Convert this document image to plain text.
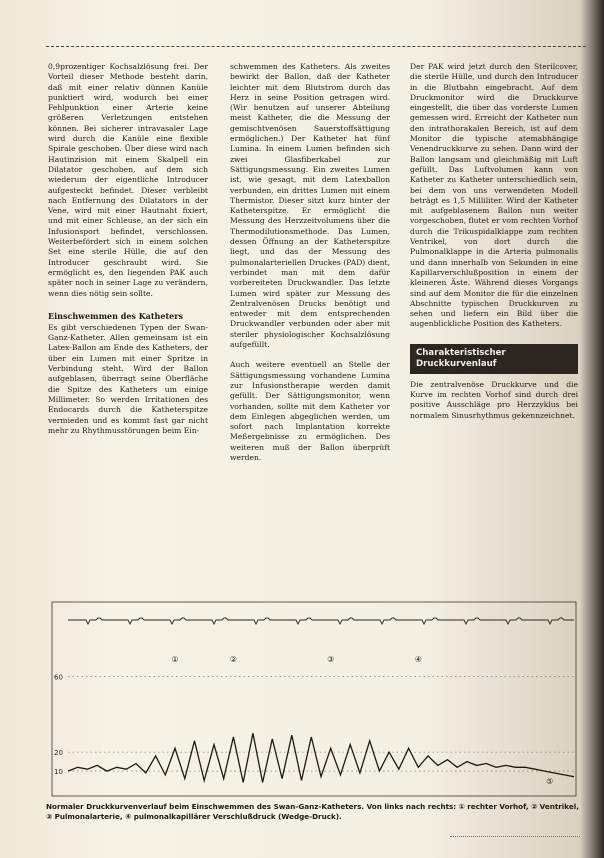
0,9prozentiger Kochsalzlösung frei. Der Vorteil dieser Methode besteht darin, daß mit einer relativ dünnen Kanüle punktiert wird, wodurch bei einer Fehlpunktion einer Arterie keine größeren Verletzungen entstehen können. Bei sicherer intravasaler Lage wird durch die Kanüle eine flexible Spirale geschoben. Über diese wird nach Hautinzision mit einem Skalpell ein Dilatator geschoben, auf dem sich wiederum der eigentliche Introducer aufgesteckt befindet. Dieser verbleibt nach Entfernung des Dilatators in der Vene, wird mit einer Hautnaht fixiert, und mit einer Schleuse, an der sich ein Infusionsport befindet, verschlossen. Weiterbefördert sich in einem solchen Set eine sterile Hülle, die auf den Introducer geschraubt wird. Sie ermöglicht es, den liegenden PAK auch später noch in seiner Lage zu verändern, wenn dies nötig sein sollte.

Einschwemmen des Katheters

Es gibt verschiedenen Typen der Swan-Ganz-Katheter. Allen gemeinsam ist ein Latex-Ballon am Ende des Katheters, der über ein Lumen mit einer Spritze in Verbindung steht. Wird der Ballon aufgeblasen, überragt seine Oberfläche die Spitze des Katheters um einige Millimeter. So werden Irritationen des Endocards durch die Katheterspitze vermieden und es kommt fast gar nicht mehr zu Rhythmusstörungen beim Ein-

schwemmen des Katheters. Als zweites bewirkt der Ballon, daß der Katheter leichter mit dem Blutstrom durch das Herz in seine Position getragen wird. (Wir benutzen auf unserer Abteilung meist Katheter, die die Messung der gemischtvenösen Sauerstoffsättigung ermöglichen.) Der Katheter hat fünf Lumina. In einem Lumen befinden sich zwei Glasfiberkabel zur Sättigungsmessung. Ein zweites Lumen ist, wie gesagt, mit dem Latexballon verbunden, ein drittes Lumen mit einem Thermistor. Dieser sitzt kurz hinter der Katheterspitze. Er ermöglicht die Messung des Herzzeitvolumens über die Thermodilutionsmethode. Das Lumen, dessen Öffnung an der Katheterspitze liegt, und das der Messung des pulmonalarteriellen Druckes (PAD) dient, verbindet man mit dem dafür vorbereiteten Druckwandler. Das letzte Lumen wird später zur Messung des Zentralvenösen Drucks benötigt und entweder mit dem entsprechenden Druckwandler verbunden oder aber mit steriler physiologischer Kochsalzlösung aufgefüllt.

Auch weitere eventuell an Stelle der Sättigungsmessung vorhandene Lumina zur Infusionstherapie werden damit gefüllt. Der Sättigungsmonitor, wenn vorhanden, sollte mit dem Katheter vor dem Einlegen abgeglichen werden, um sofort nach Implantation korrekte Meßergebnisse zu ermöglichen. Des weiteren muß der Ballon überprüft werden.

Der PAK wird jetzt durch den Sterilcover, die sterile Hülle, und durch den Introducer in die Blutbahn eingebracht. Auf dem Druckmonitor wird die Druckkurve eingestellt, die über das vorderste Lumen gemessen wird. Erreicht der Katheter nun den intrathorakalen Bereich, ist auf dem Monitor die typische atemabhängige Venendruckkurve zu sehen. Dann wird der Ballon langsam und gleichmäßig mit Luft gefüllt. Das Luftvolumen kann von Katheter zu Katheter unterschiedlich sein, bei dem von uns verwendeten Modell beträgt es 1,5 Milliliter. Wird der Katheter mit aufgeblasenem Ballon nun weiter vorgeschoben, flutet er vom rechten Vorhof durch die Trikuspidalklappe zum rechten Ventrikel, von dort durch die Pulmonalklappe in die Arteria pulmonalis und dann innerhalb von Sekunden in eine Kapillarverschlußposition in einem der kleineren Äste. Während dieses Vorgangs sind auf dem Monitor die für die einzelnen Abschnitte typischen Druckkurven zu sehen und liefern ein Bild über die augenblickliche Position des Katheters.

Charakteristischer Druckkurvenlauf

Die zentralvenöse Druckkurve und die Kurve im rechten Vorhof sind durch drei positive Ausschläge pro Herzzyklus bei normalem Sinusrhythmus gekennzeichnet.

60
20
10
①	②	③	④
⑤
Normaler Druckkurvenverlauf beim Einschwemmen des Swan-Ganz-Katheters. Von links nach rechts: ① rechter Vorhof, ② Ventrikel, ③ Pulmonalarterie, ④ pulmonalkapillärer Verschlußdruck (Wedge-Druck).
